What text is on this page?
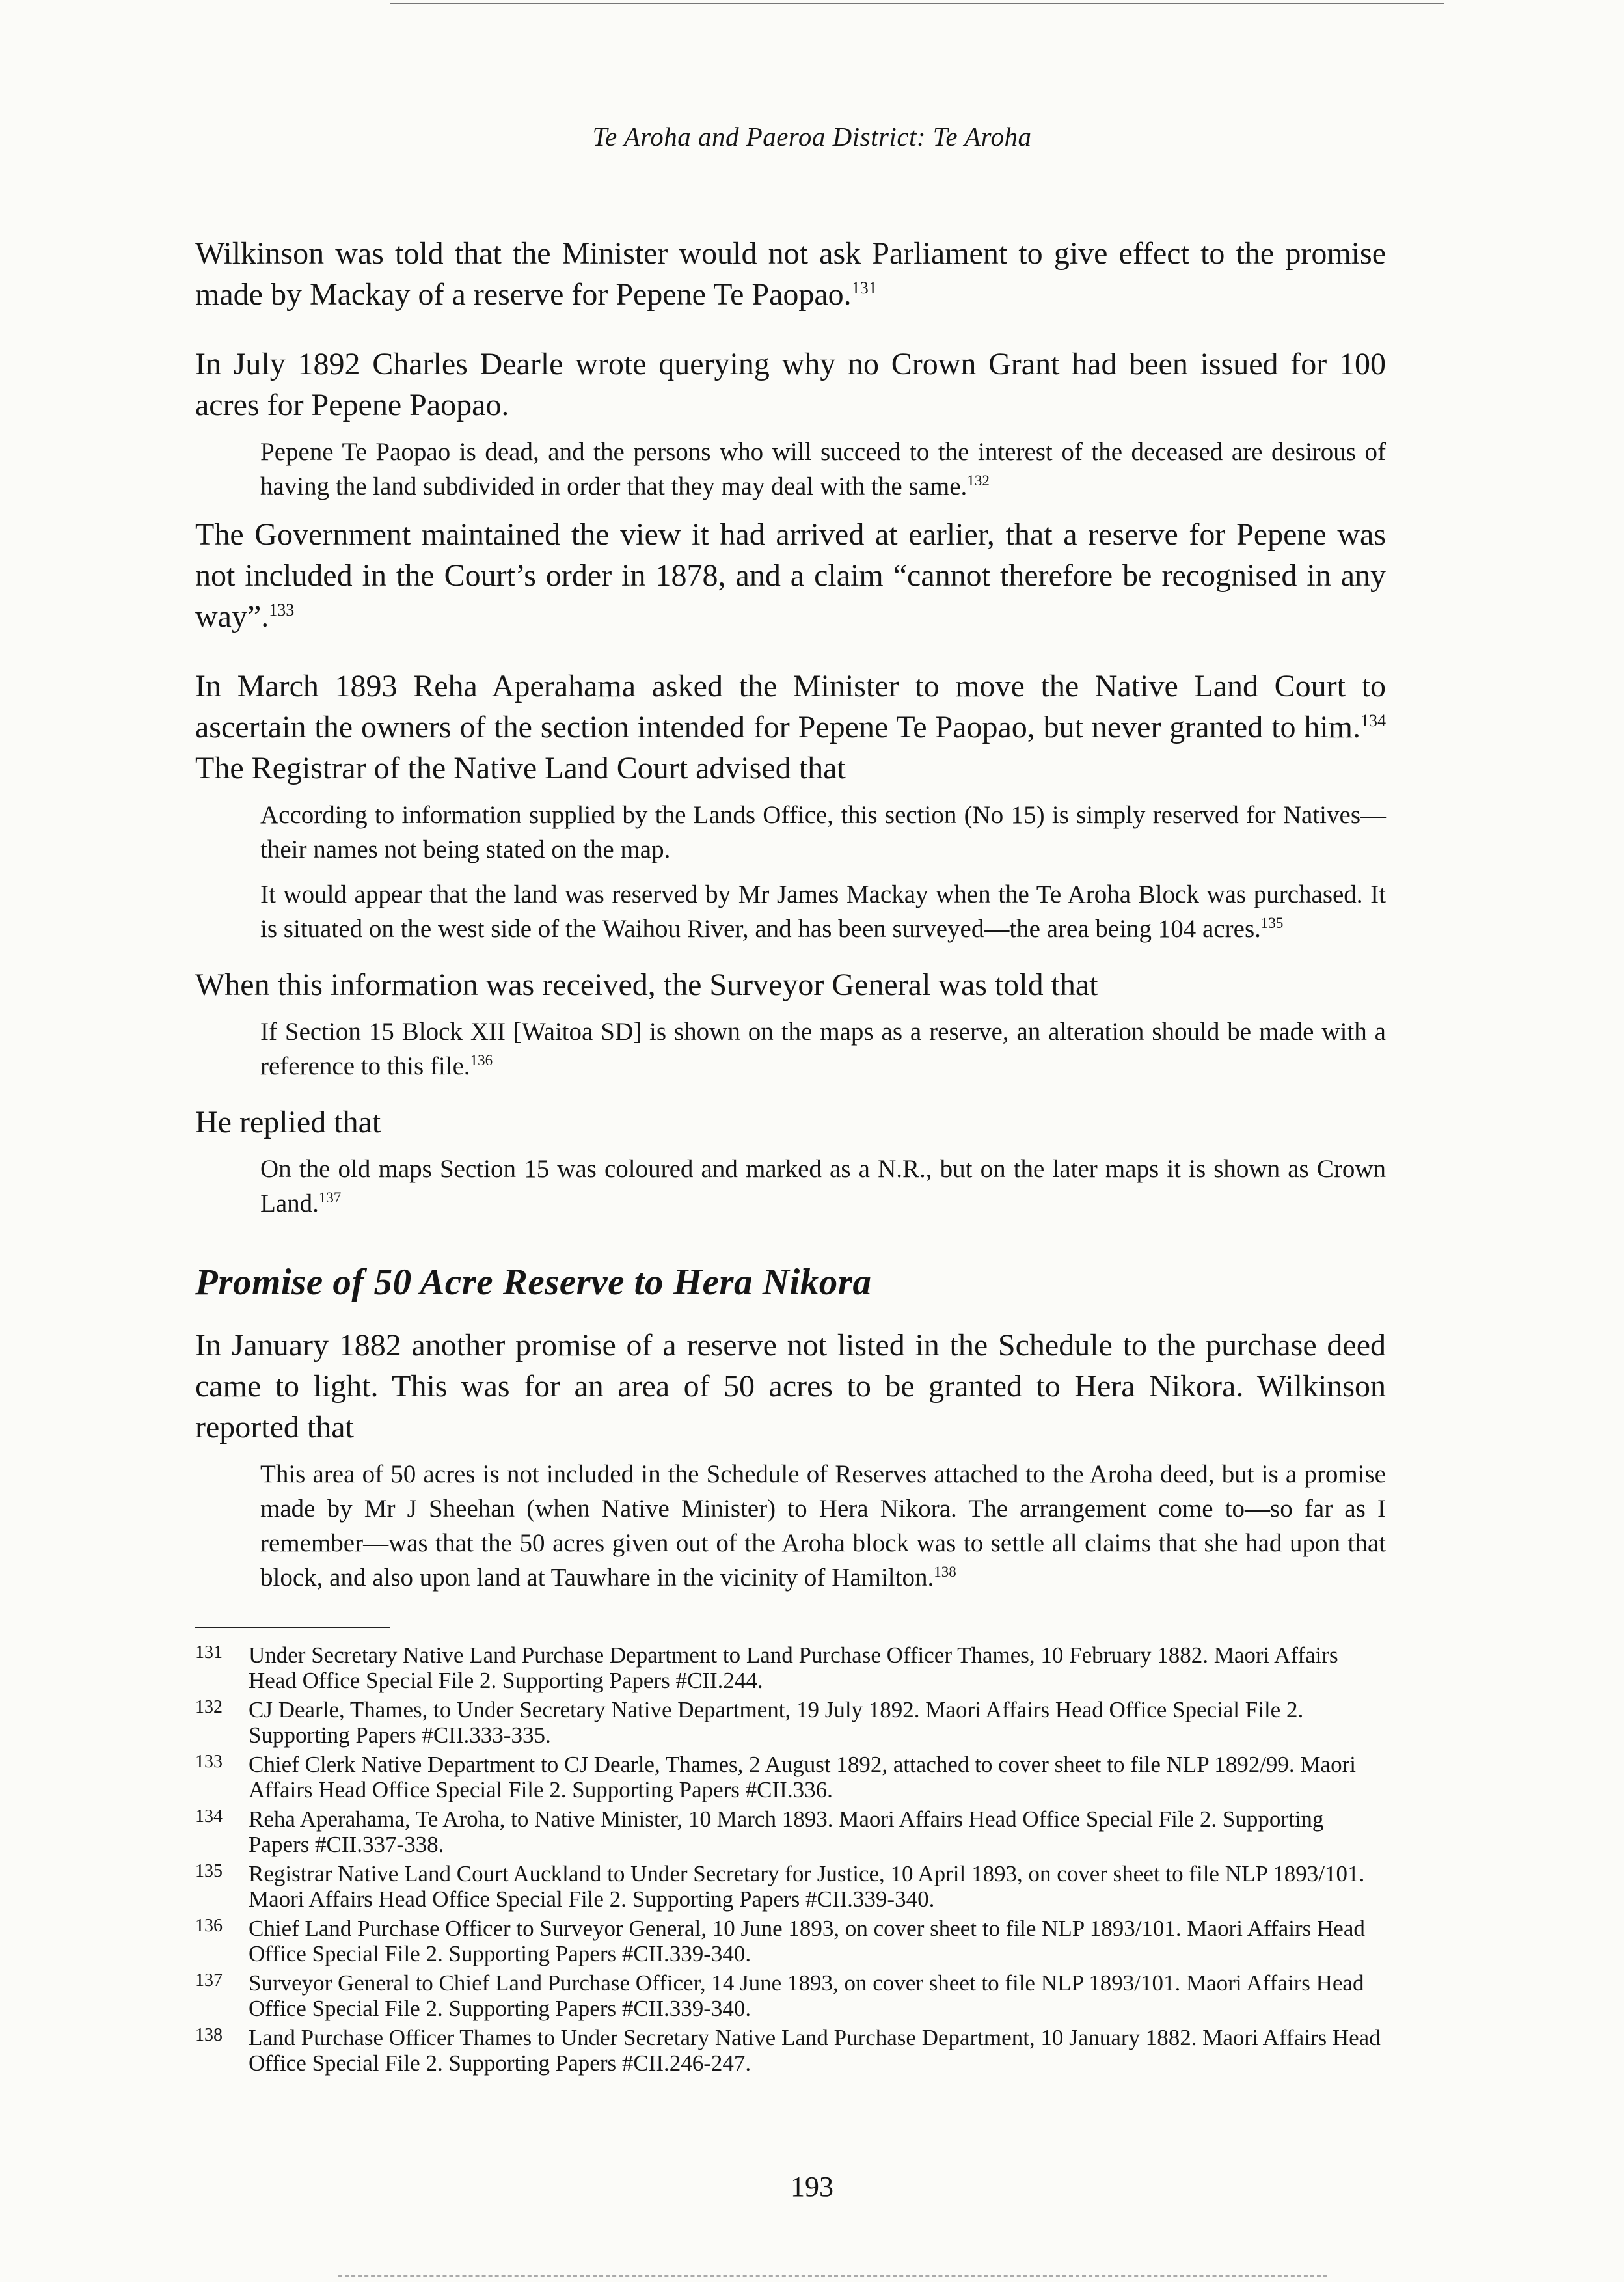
Te Aroha and Paeroa District: Te Aroha

Wilkinson was told that the Minister would not ask Parliament to give effect to the promise made by Mackay of a reserve for Pepene Te Paopao.$^{131}$

In July 1892 Charles Dearle wrote querying why no Crown Grant had been issued for 100 acres for Pepene Paopao.

Pepene Te Paopao is dead, and the persons who will succeed to the interest of the deceased are desirous of having the land subdivided in order that they may deal with the same.$^{132}$

The Government maintained the view it had arrived at earlier, that a reserve for Pepene was not included in the Court’s order in 1878, and a claim “cannot therefore be recognised in any way”.$^{133}$

In March 1893 Reha Aperahama asked the Minister to move the Native Land Court to ascertain the owners of the section intended for Pepene Te Paopao, but never granted to him.$^{134}$ The Registrar of the Native Land Court advised that

According to information supplied by the Lands Office, this section (No 15) is simply reserved for Natives—their names not being stated on the map.

It would appear that the land was reserved by Mr James Mackay when the Te Aroha Block was purchased. It is situated on the west side of the Waihou River, and has been surveyed—the area being 104 acres.$^{135}$

When this information was received, the Surveyor General was told that

If Section 15 Block XII [Waitoa SD] is shown on the maps as a reserve, an alteration should be made with a reference to this file.$^{136}$

He replied that

On the old maps Section 15 was coloured and marked as a N.R., but on the later maps it is shown as Crown Land.$^{137}$

Promise of 50 Acre Reserve to Hera Nikora

In January 1882 another promise of a reserve not listed in the Schedule to the purchase deed came to light. This was for an area of 50 acres to be granted to Hera Nikora. Wilkinson reported that

This area of 50 acres is not included in the Schedule of Reserves attached to the Aroha deed, but is a promise made by Mr J Sheehan (when Native Minister) to Hera Nikora. The arrangement come to—so far as I remember—was that the 50 acres given out of the Aroha block was to settle all claims that she had upon that block, and also upon land at Tauwhare in the vicinity of Hamilton.$^{138}$

131 Under Secretary Native Land Purchase Department to Land Purchase Officer Thames, 10 February 1882. Maori Affairs Head Office Special File 2. Supporting Papers #CII.244.
132 CJ Dearle, Thames, to Under Secretary Native Department, 19 July 1892. Maori Affairs Head Office Special File 2. Supporting Papers #CII.333-335.
133 Chief Clerk Native Department to CJ Dearle, Thames, 2 August 1892, attached to cover sheet to file NLP 1892/99. Maori Affairs Head Office Special File 2. Supporting Papers #CII.336.
134 Reha Aperahama, Te Aroha, to Native Minister, 10 March 1893. Maori Affairs Head Office Special File 2. Supporting Papers #CII.337-338.
135 Registrar Native Land Court Auckland to Under Secretary for Justice, 10 April 1893, on cover sheet to file NLP 1893/101. Maori Affairs Head Office Special File 2. Supporting Papers #CII.339-340.
136 Chief Land Purchase Officer to Surveyor General, 10 June 1893, on cover sheet to file NLP 1893/101. Maori Affairs Head Office Special File 2. Supporting Papers #CII.339-340.
137 Surveyor General to Chief Land Purchase Officer, 14 June 1893, on cover sheet to file NLP 1893/101. Maori Affairs Head Office Special File 2. Supporting Papers #CII.339-340.
138 Land Purchase Officer Thames to Under Secretary Native Land Purchase Department, 10 January 1882. Maori Affairs Head Office Special File 2. Supporting Papers #CII.246-247.
193
